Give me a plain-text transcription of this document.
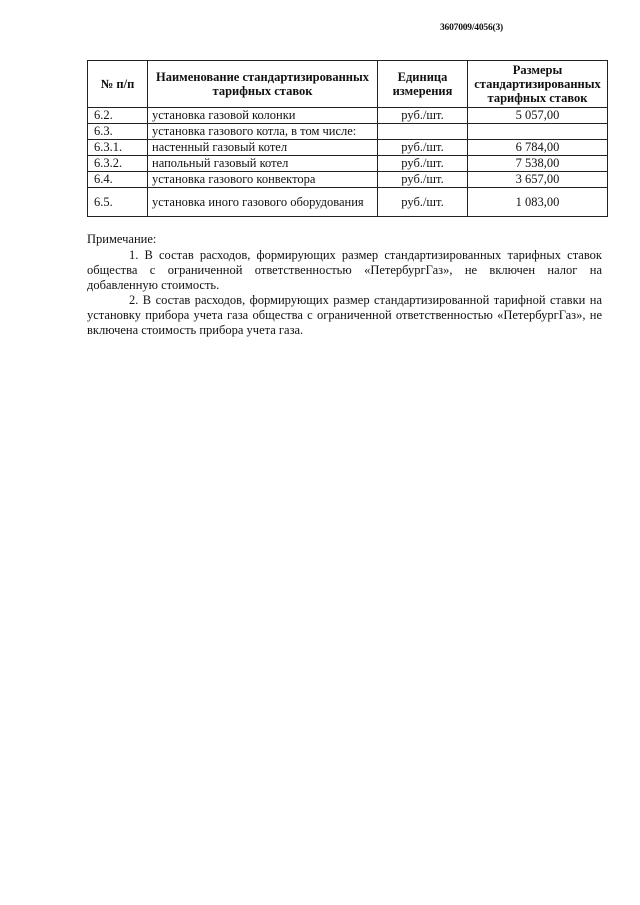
3607009/4056(3)
№ п/п	Наименование стандартизированных тарифных ставок	Единица измерения	Размеры стандартизированных тарифных ставок
6.2.	установка газовой колонки	руб./шт.	5 057,00
6.3.	установка газового котла, в том числе:		
6.3.1.	настенный газовый котел	руб./шт.	6 784,00
6.3.2.	напольный газовый котел	руб./шт.	7 538,00
6.4.	установка газового конвектора	руб./шт.	3 657,00
6.5.	установка иного газового оборудования	руб./шт.	1 083,00
Примечание:

1. В состав расходов, формирующих размер стандартизированных тарифных ставок общества с ограниченной ответственностью «ПетербургГаз», не включен налог на добавленную стоимость.

2. В состав расходов, формирующих размер стандартизированной тарифной ставки на установку прибора учета газа общества с ограниченной ответственностью «ПетербургГаз», не включена стоимость прибора учета газа.
